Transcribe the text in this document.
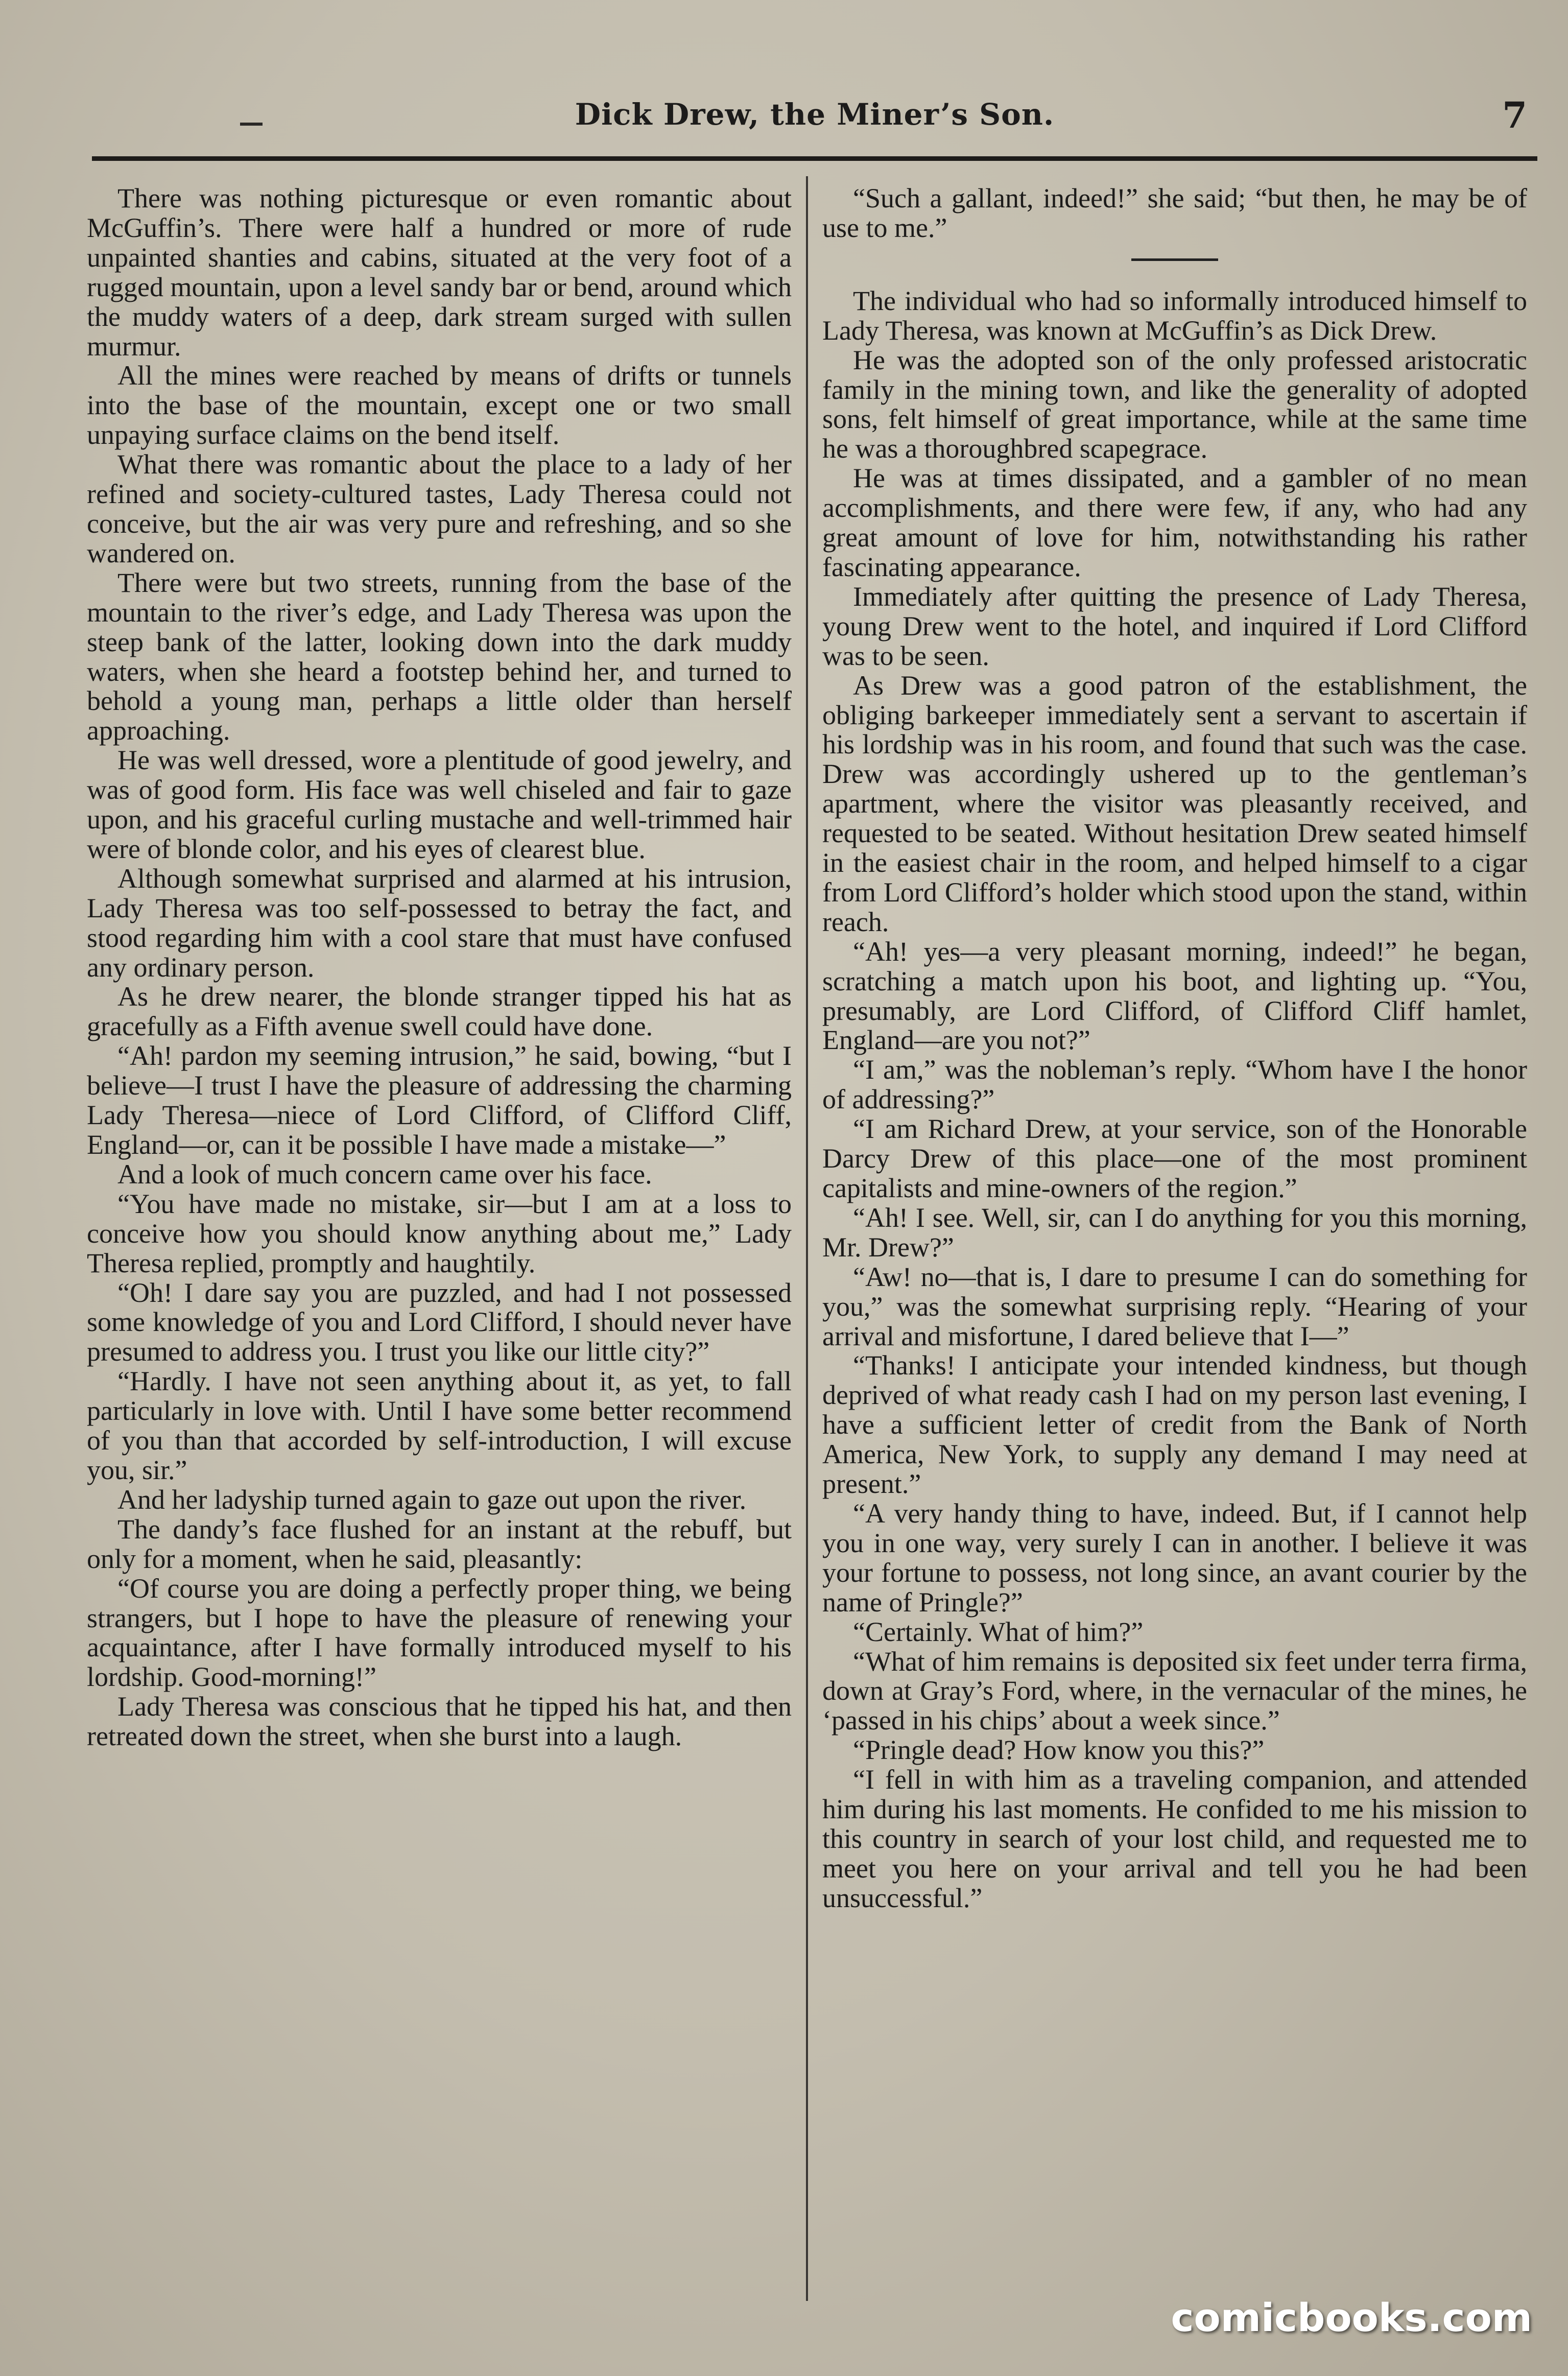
Dick Drew, the Miner’s Son.	7

There was nothing picturesque or even romantic about McGuffin’s. There were half a hundred or more of rude unpainted shanties and cabins, situated at the very foot of a rugged mountain, upon a level sandy bar or bend, around which the muddy waters of a deep, dark stream surged with sullen murmur.

All the mines were reached by means of drifts or tunnels into the base of the mountain, except one or two small unpaying surface claims on the bend itself.

What there was romantic about the place to a lady of her refined and society-cultured tastes, Lady Theresa could not conceive, but the air was very pure and refreshing, and so she wandered on.

There were but two streets, running from the base of the mountain to the river’s edge, and Lady Theresa was upon the steep bank of the latter, looking down into the dark muddy waters, when she heard a footstep behind her, and turned to behold a young man, perhaps a little older than herself approaching.

He was well dressed, wore a plentitude of good jewelry, and was of good form. His face was well chiseled and fair to gaze upon, and his graceful curling mustache and well-trimmed hair were of blonde color, and his eyes of clearest blue.

Although somewhat surprised and alarmed at his intrusion, Lady Theresa was too self-possessed to betray the fact, and stood regarding him with a cool stare that must have confused any ordinary person.

As he drew nearer, the blonde stranger tipped his hat as gracefully as a Fifth avenue swell could have done.

“Ah! pardon my seeming intrusion,” he said, bowing, “but I believe—I trust I have the pleasure of addressing the charming Lady Theresa—niece of Lord Clifford, of Clifford Cliff, England—or, can it be possible I have made a mistake—”

And a look of much concern came over his face.

“You have made no mistake, sir—but I am at a loss to conceive how you should know anything about me,” Lady Theresa replied, promptly and haughtily.

“Oh! I dare say you are puzzled, and had I not possessed some knowledge of you and Lord Clifford, I should never have presumed to address you. I trust you like our little city?”

“Hardly. I have not seen anything about it, as yet, to fall particularly in love with. Until I have some better recommend of you than that accorded by self-introduction, I will excuse you, sir.”

And her ladyship turned again to gaze out upon the river.

The dandy’s face flushed for an instant at the rebuff, but only for a moment, when he said, pleasantly:

“Of course you are doing a perfectly proper thing, we being strangers, but I hope to have the pleasure of renewing your acquaintance, after I have formally introduced myself to his lordship. Good-morning!”

Lady Theresa was conscious that he tipped his hat, and then retreated down the street, when she burst into a laugh.

“Such a gallant, indeed!” she said; “but then, he may be of use to me.”

The individual who had so informally introduced himself to Lady Theresa, was known at McGuffin’s as Dick Drew.

He was the adopted son of the only professed aristocratic family in the mining town, and like the generality of adopted sons, felt himself of great importance, while at the same time he was a thoroughbred scapegrace.

He was at times dissipated, and a gambler of no mean accomplishments, and there were few, if any, who had any great amount of love for him, notwithstanding his rather fascinating appearance.

Immediately after quitting the presence of Lady Theresa, young Drew went to the hotel, and inquired if Lord Clifford was to be seen.

As Drew was a good patron of the establishment, the obliging barkeeper immediately sent a servant to ascertain if his lordship was in his room, and found that such was the case. Drew was accordingly ushered up to the gentleman’s apartment, where the visitor was pleasantly received, and requested to be seated. Without hesitation Drew seated himself in the easiest chair in the room, and helped himself to a cigar from Lord Clifford’s holder which stood upon the stand, within reach.

“Ah! yes—a very pleasant morning, indeed!” he began, scratching a match upon his boot, and lighting up. “You, presumably, are Lord Clifford, of Clifford Cliff hamlet, England—are you not?”

“I am,” was the nobleman’s reply. “Whom have I the honor of addressing?”

“I am Richard Drew, at your service, son of the Honorable Darcy Drew of this place—one of the most prominent capitalists and mine-owners of the region.”

“Ah! I see. Well, sir, can I do anything for you this morning, Mr. Drew?”

“Aw! no—that is, I dare to presume I can do something for you,” was the somewhat surprising reply. “Hearing of your arrival and misfortune, I dared believe that I—”

“Thanks! I anticipate your intended kindness, but though deprived of what ready cash I had on my person last evening, I have a sufficient letter of credit from the Bank of North America, New York, to supply any demand I may need at present.”

“A very handy thing to have, indeed. But, if I cannot help you in one way, very surely I can in another. I believe it was your fortune to possess, not long since, an avant courier by the name of Pringle?”

“Certainly. What of him?”

“What of him remains is deposited six feet under terra firma, down at Gray’s Ford, where, in the vernacular of the mines, he ‘passed in his chips’ about a week since.”

“Pringle dead? How know you this?”

“I fell in with him as a traveling companion, and attended him during his last moments. He confided to me his mission to this country in search of your lost child, and requested me to meet you here on your arrival and tell you he had been unsuccessful.”

comicbooks.com
